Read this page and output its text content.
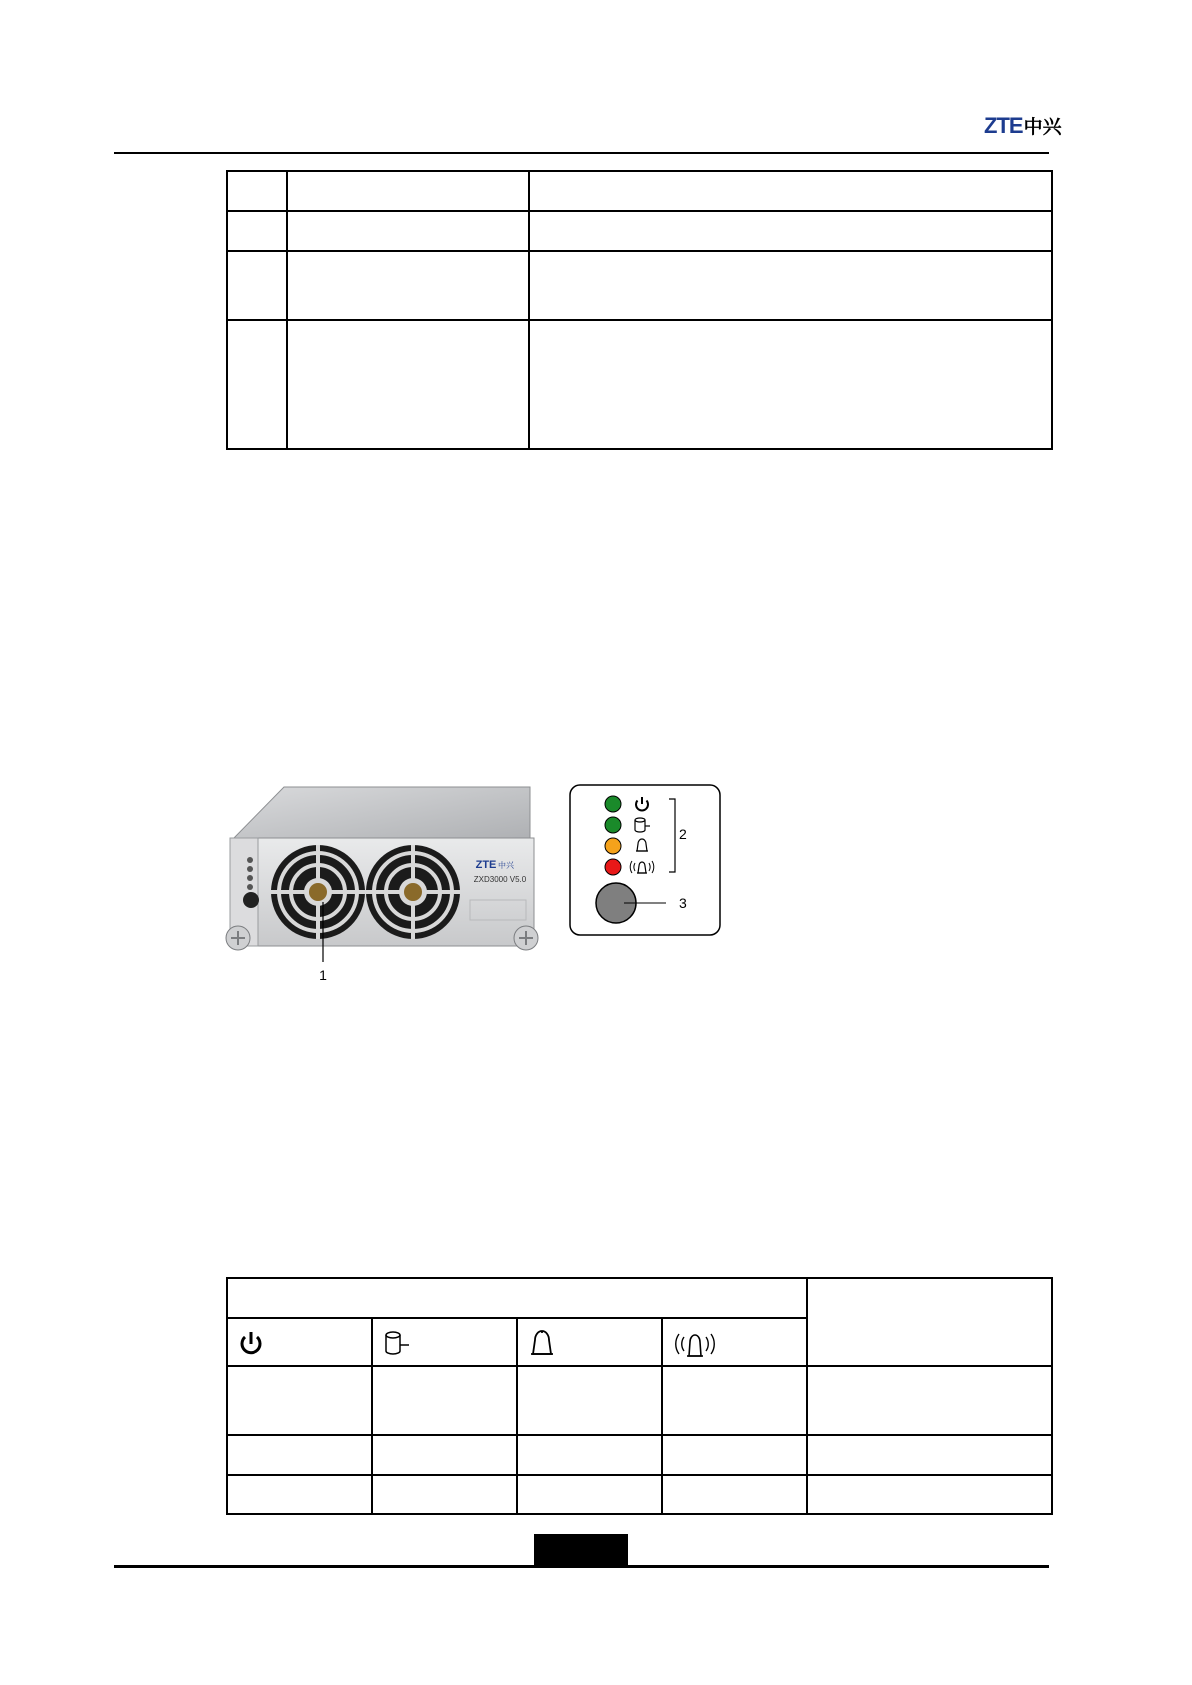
ZTE中兴

ZTE 中兴
ZXD3000 V5.0
1
2
3
